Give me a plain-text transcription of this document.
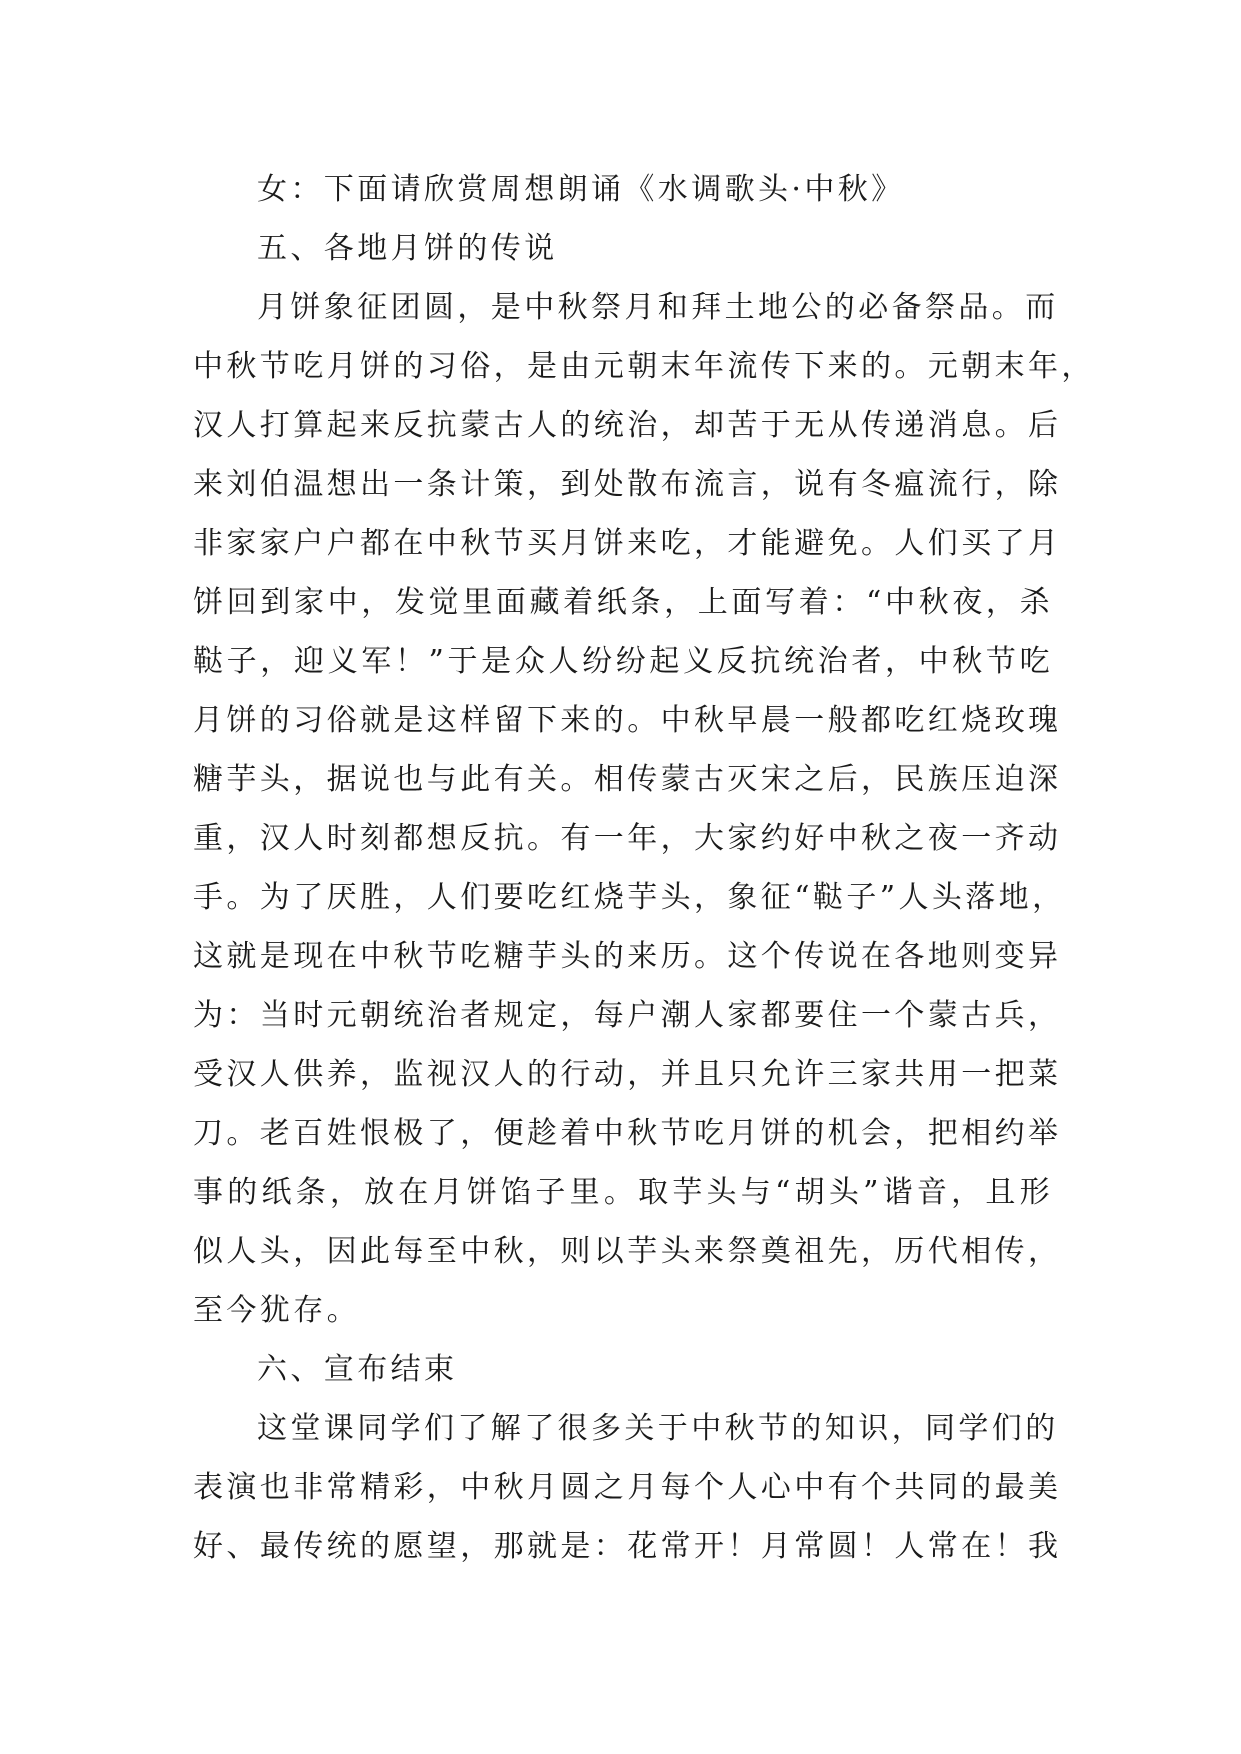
女：下面请欣赏周想朗诵《水调歌头·中秋》
五、各地月饼的传说
月饼象征团圆，是中秋祭月和拜土地公的必备祭品。而
中秋节吃月饼的习俗，是由元朝末年流传下来的。元朝末年，
汉人打算起来反抗蒙古人的统治，却苦于无从传递消息。后
来刘伯温想出一条计策，到处散布流言，说有冬瘟流行，除
非家家户户都在中秋节买月饼来吃，才能避免。人们买了月
饼回到家中，发觉里面藏着纸条，上面写着：“中秋夜，杀
鞑子，迎义军！”于是众人纷纷起义反抗统治者，中秋节吃
月饼的习俗就是这样留下来的。中秋早晨一般都吃红烧玫瑰
糖芋头，据说也与此有关。相传蒙古灭宋之后，民族压迫深
重，汉人时刻都想反抗。有一年，大家约好中秋之夜一齐动
手。为了厌胜，人们要吃红烧芋头，象征“鞑子”人头落地，
这就是现在中秋节吃糖芋头的来历。这个传说在各地则变异
为：当时元朝统治者规定，每户潮人家都要住一个蒙古兵，
受汉人供养，监视汉人的行动，并且只允许三家共用一把菜
刀。老百姓恨极了，便趁着中秋节吃月饼的机会，把相约举
事的纸条，放在月饼馅子里。取芋头与“胡头”谐音，且形
似人头，因此每至中秋，则以芋头来祭奠祖先，历代相传，
至今犹存。
六、宣布结束
这堂课同学们了解了很多关于中秋节的知识，同学们的
表演也非常精彩，中秋月圆之月每个人心中有个共同的最美
好、最传统的愿望，那就是：花常开！月常圆！人常在！我
